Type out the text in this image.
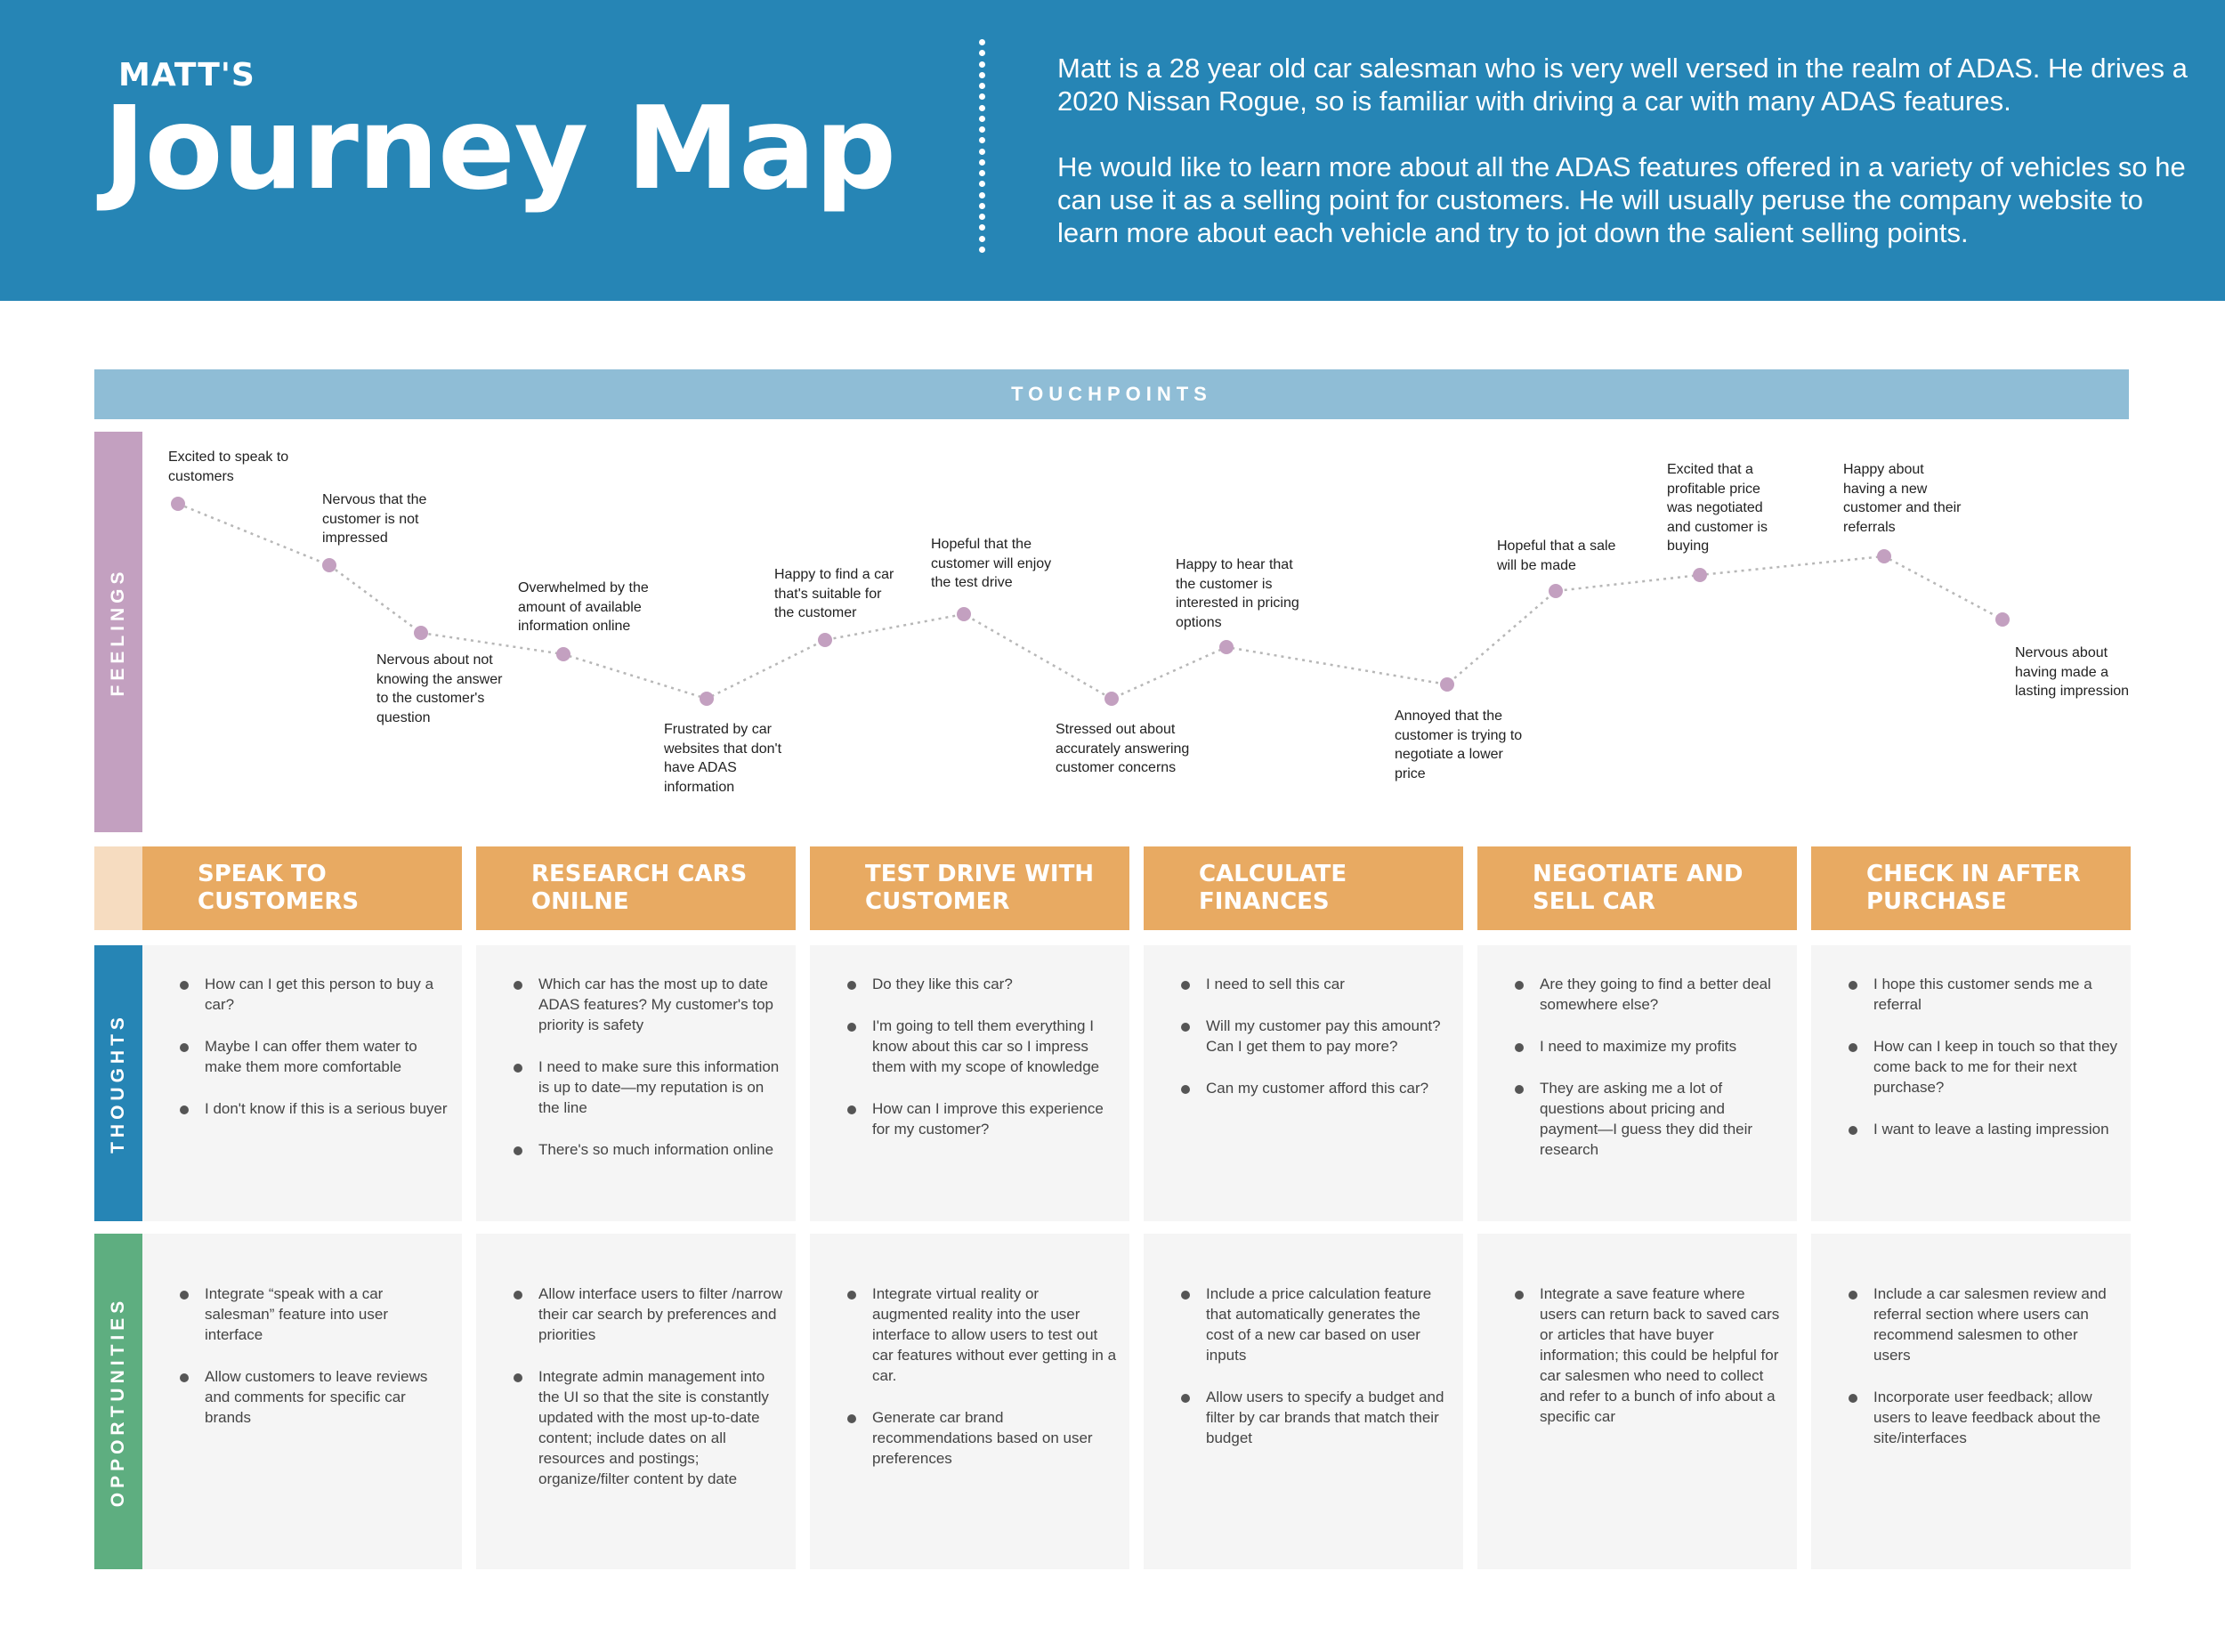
MATT'S
Journey Map

Matt is a 28 year old car salesman who is very well versed in the realm of ADAS. He drives a 2020 Nissan Rogue, so is familiar with driving a car with many ADAS features.

He would like to learn more about all the ADAS features offered in a variety of vehicles so he can use it as a selling point for customers. He will usually peruse the company website to learn more about each vehicle and try to jot down the salient selling points.

TOUCHPOINTS
FEELINGS
THOUGHTS
OPPORTUNITIES
Excited to speak to customers
Nervous that the customer is not impressed
Nervous about not knowing the answer to the customer's question
Overwhelmed by the amount of available information online
Frustrated by car websites that don't have ADAS information
Happy to find a car that's suitable for the customer
Hopeful that the customer will enjoy the test drive
Stressed out about accurately answering customer concerns
Happy to hear that the customer is interested in pricing options
Annoyed that the customer is trying to negotiate a lower price
Hopeful that a sale will be made
Excited that a profitable price was negotiated and customer is buying
Happy about having a new customer and their referrals
Nervous about having made a lasting impression
SPEAK TO CUSTOMERS
How can I get this person to buy a car?
Maybe I can offer them water to make them more comfortable
I don't know if this is a serious buyer
Integrate “speak with a car salesman” feature into user interface
Allow customers to leave reviews and comments for specific car brands
RESEARCH CARS ONILNE
Which car has the most up to date ADAS features? My customer's top priority is safety
I need to make sure this information is up to date—my reputation is on the line
There's so much information online
Allow interface users to filter /narrow their car search by preferences and priorities
Integrate admin management into the UI so that the site is constantly updated with the most up-to-date content; include dates on all resources and postings; organize/filter content by date
TEST DRIVE WITH CUSTOMER
Do they like this car?
I'm going to tell them everything I know about this car so I impress them with my scope of knowledge
How can I improve this experience for my customer?
Integrate virtual reality or augmented reality into the user interface to allow users to test out car features without ever getting in a car.
Generate car brand recommendations based on user preferences
CALCULATE FINANCES
I need to sell this car
Will my customer pay this amount? Can I get them to pay more?
Can my customer afford this car?
Include a price calculation feature that automatically generates the cost of a new car based on user inputs
Allow users to specify a budget and filter by car brands that match their budget
NEGOTIATE AND SELL CAR
Are they going to find a better deal somewhere else?
I need to maximize my profits
They are asking me a lot of questions about pricing and payment—I guess they did their research
Integrate a save feature where users can return back to saved cars or articles that have buyer information; this could be helpful for car salesmen who need to collect and refer to a bunch of info about a specific car
CHECK IN AFTER PURCHASE
I hope this customer sends me a referral
How can I keep in touch so that they come back to me for their next purchase?
I want to leave a lasting impression
Include a car salesmen review and referral section where users can recommend salesmen to other users
Incorporate user feedback; allow users to leave feedback about the site/interfaces
